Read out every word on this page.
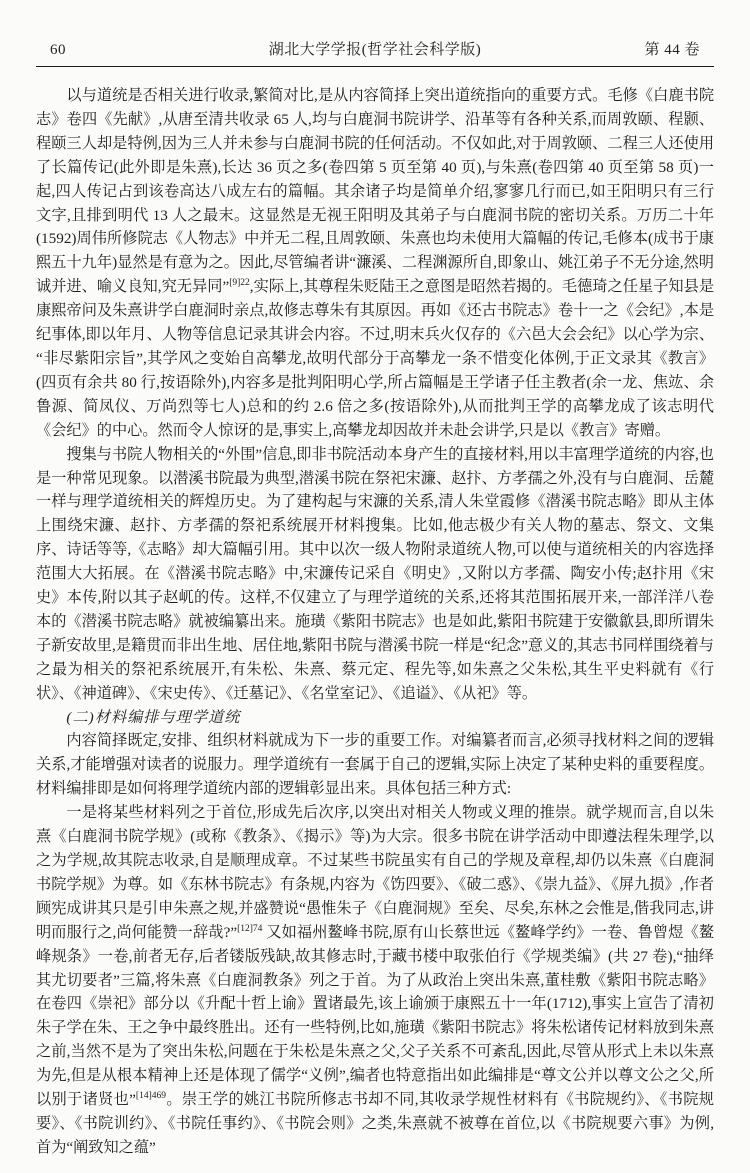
60	湖北大学学报(哲学社会科学版)	第 44 卷

以与道统是否相关进行收录,繁简对比,是从内容简择上突出道统指向的重要方式。毛修《白鹿书院志》卷四《先献》,从唐至清共收录 65 人,均与白鹿洞书院讲学、沿革等有各种关系,而周敦颐、程颢、程颐三人却是特例,因为三人并未参与白鹿洞书院的任何活动。不仅如此,对于周敦颐、二程三人还使用了长篇传记(此外即是朱熹),长达 36 页之多(卷四第 5 页至第 40 页),与朱熹(卷四第 40 页至第 58 页)一起,四人传记占到该卷高达八成左右的篇幅。其余诸子均是简单介绍,寥寥几行而已,如王阳明只有三行文字,且排到明代 13 人之最末。这显然是无视王阳明及其弟子与白鹿洞书院的密切关系。万历二十年(1592)周伟所修院志《人物志》中并无二程,且周敦颐、朱熹也均未使用大篇幅的传记,毛修本(成书于康熙五十九年)显然是有意为之。因此,尽管编者讲“濂溪、二程渊源所自,即象山、姚江弟子不无分途,然明诚并进、喻义良知,究无异同”$^{[9]22}$,实际上,其尊程朱贬陆王之意图是昭然若揭的。毛德琦之任星子知县是康熙帝问及朱熹讲学白鹿洞时亲点,故修志尊朱有其原因。再如《还古书院志》卷十一之《会纪》,本是纪事体,即以年月、人物等信息记录其讲会内容。不过,明末兵火仅存的《六邑大会会纪》以心学为宗、“非尽紫阳宗旨”,其学风之变始自高攀龙,故明代部分于高攀龙一条不惜变化体例,于正文录其《教言》(四页有余共 80 行,按语除外),内容多是批判阳明心学,所占篇幅是王学诸子任主教者(余一龙、焦竑、余鲁源、简凤仪、万尚烈等七人)总和的约 2.6 倍之多(按语除外),从而批判王学的高攀龙成了该志明代《会纪》的中心。然而令人惊讶的是,事实上,高攀龙却因故并未赴会讲学,只是以《教言》寄赠。

搜集与书院人物相关的“外围”信息,即非书院活动本身产生的直接材料,用以丰富理学道统的内容,也是一种常见现象。以潜溪书院最为典型,潜溪书院在祭祀宋濂、赵抃、方孝孺之外,没有与白鹿洞、岳麓一样与理学道统相关的辉煌历史。为了建构起与宋濂的关系,清人朱堂霞修《潜溪书院志略》即从主体上围绕宋濂、赵抃、方孝孺的祭祀系统展开材料搜集。比如,他志极少有关人物的墓志、祭文、文集序、诗话等等,《志略》却大篇幅引用。其中以次一级人物附录道统人物,可以使与道统相关的内容选择范围大大拓展。在《潜溪书院志略》中,宋濂传记采自《明史》,又附以方孝孺、陶安小传;赵抃用《宋史》本传,附以其子赵屼的传。这样,不仅建立了与理学道统的关系,还将其范围拓展开来,一部洋洋八卷本的《潜溪书院志略》就被编纂出来。施璜《紫阳书院志》也是如此,紫阳书院建于安徽歙县,即所谓朱子新安故里,是籍贯而非出生地、居住地,紫阳书院与潜溪书院一样是“纪念”意义的,其志书同样围绕着与之最为相关的祭祀系统展开,有朱松、朱熹、蔡元定、程先等,如朱熹之父朱松,其生平史料就有《行状》、《神道碑》、《宋史传》、《迁墓记》、《名堂室记》、《追谥》、《从祀》等。

(二)材料编排与理学道统

内容简择既定,安排、组织材料就成为下一步的重要工作。对编纂者而言,必须寻找材料之间的逻辑关系,才能增强对读者的说服力。理学道统有一套属于自己的逻辑,实际上决定了某种史料的重要程度。材料编排即是如何将理学道统内部的逻辑彰显出来。具体包括三种方式:

一是将某些材料列之于首位,形成先后次序,以突出对相关人物或义理的推崇。就学规而言,自以朱熹《白鹿洞书院学规》(或称《教条》、《揭示》等)为大宗。很多书院在讲学活动中即遵法程朱理学,以之为学规,故其院志收录,自是顺理成章。不过某些书院虽实有自己的学规及章程,却仍以朱熹《白鹿洞书院学规》为尊。如《东林书院志》有条规,内容为《饬四要》、《破二惑》、《崇九益》、《屏九损》,作者顾宪成讲其只是引申朱熹之规,并盛赞说“愚惟朱子《白鹿洞规》至矣、尽矣,东林之会惟是,偕我同志,讲明而服行之,尚何能赞一辞哉?”$^{[12]74}$ 又如福州鳌峰书院,原有山长蔡世远《鳌峰学约》一卷、鲁曾煜《鳌峰规条》一卷,前者无存,后者镂版残缺,故其修志时,于藏书楼中取张伯行《学规类编》(共 27 卷),“抽绎其尤切要者”三篇,将朱熹《白鹿洞教条》列之于首。为了从政治上突出朱熹,董桂敷《紫阳书院志略》在卷四《崇祀》部分以《升配十哲上谕》置诸最先,该上谕颁于康熙五十一年(1712),事实上宣告了清初朱子学在朱、王之争中最终胜出。还有一些特例,比如,施璜《紫阳书院志》将朱松诸传记材料放到朱熹之前,当然不是为了突出朱松,问题在于朱松是朱熹之父,父子关系不可紊乱,因此,尽管从形式上未以朱熹为先,但是从根本精神上还是体现了儒学“义例”,编者也特意指出如此编排是“尊文公并以尊文公之父,所以别于诸贤也”$^{[14]469}$。崇王学的姚江书院所修志书却不同,其收录学规性材料有《书院规约》、《书院规要》、《书院训约》、《书院任事约》、《书院会则》之类,朱熹就不被尊在首位,以《书院规要六事》为例,首为“阐致知之蕴”
